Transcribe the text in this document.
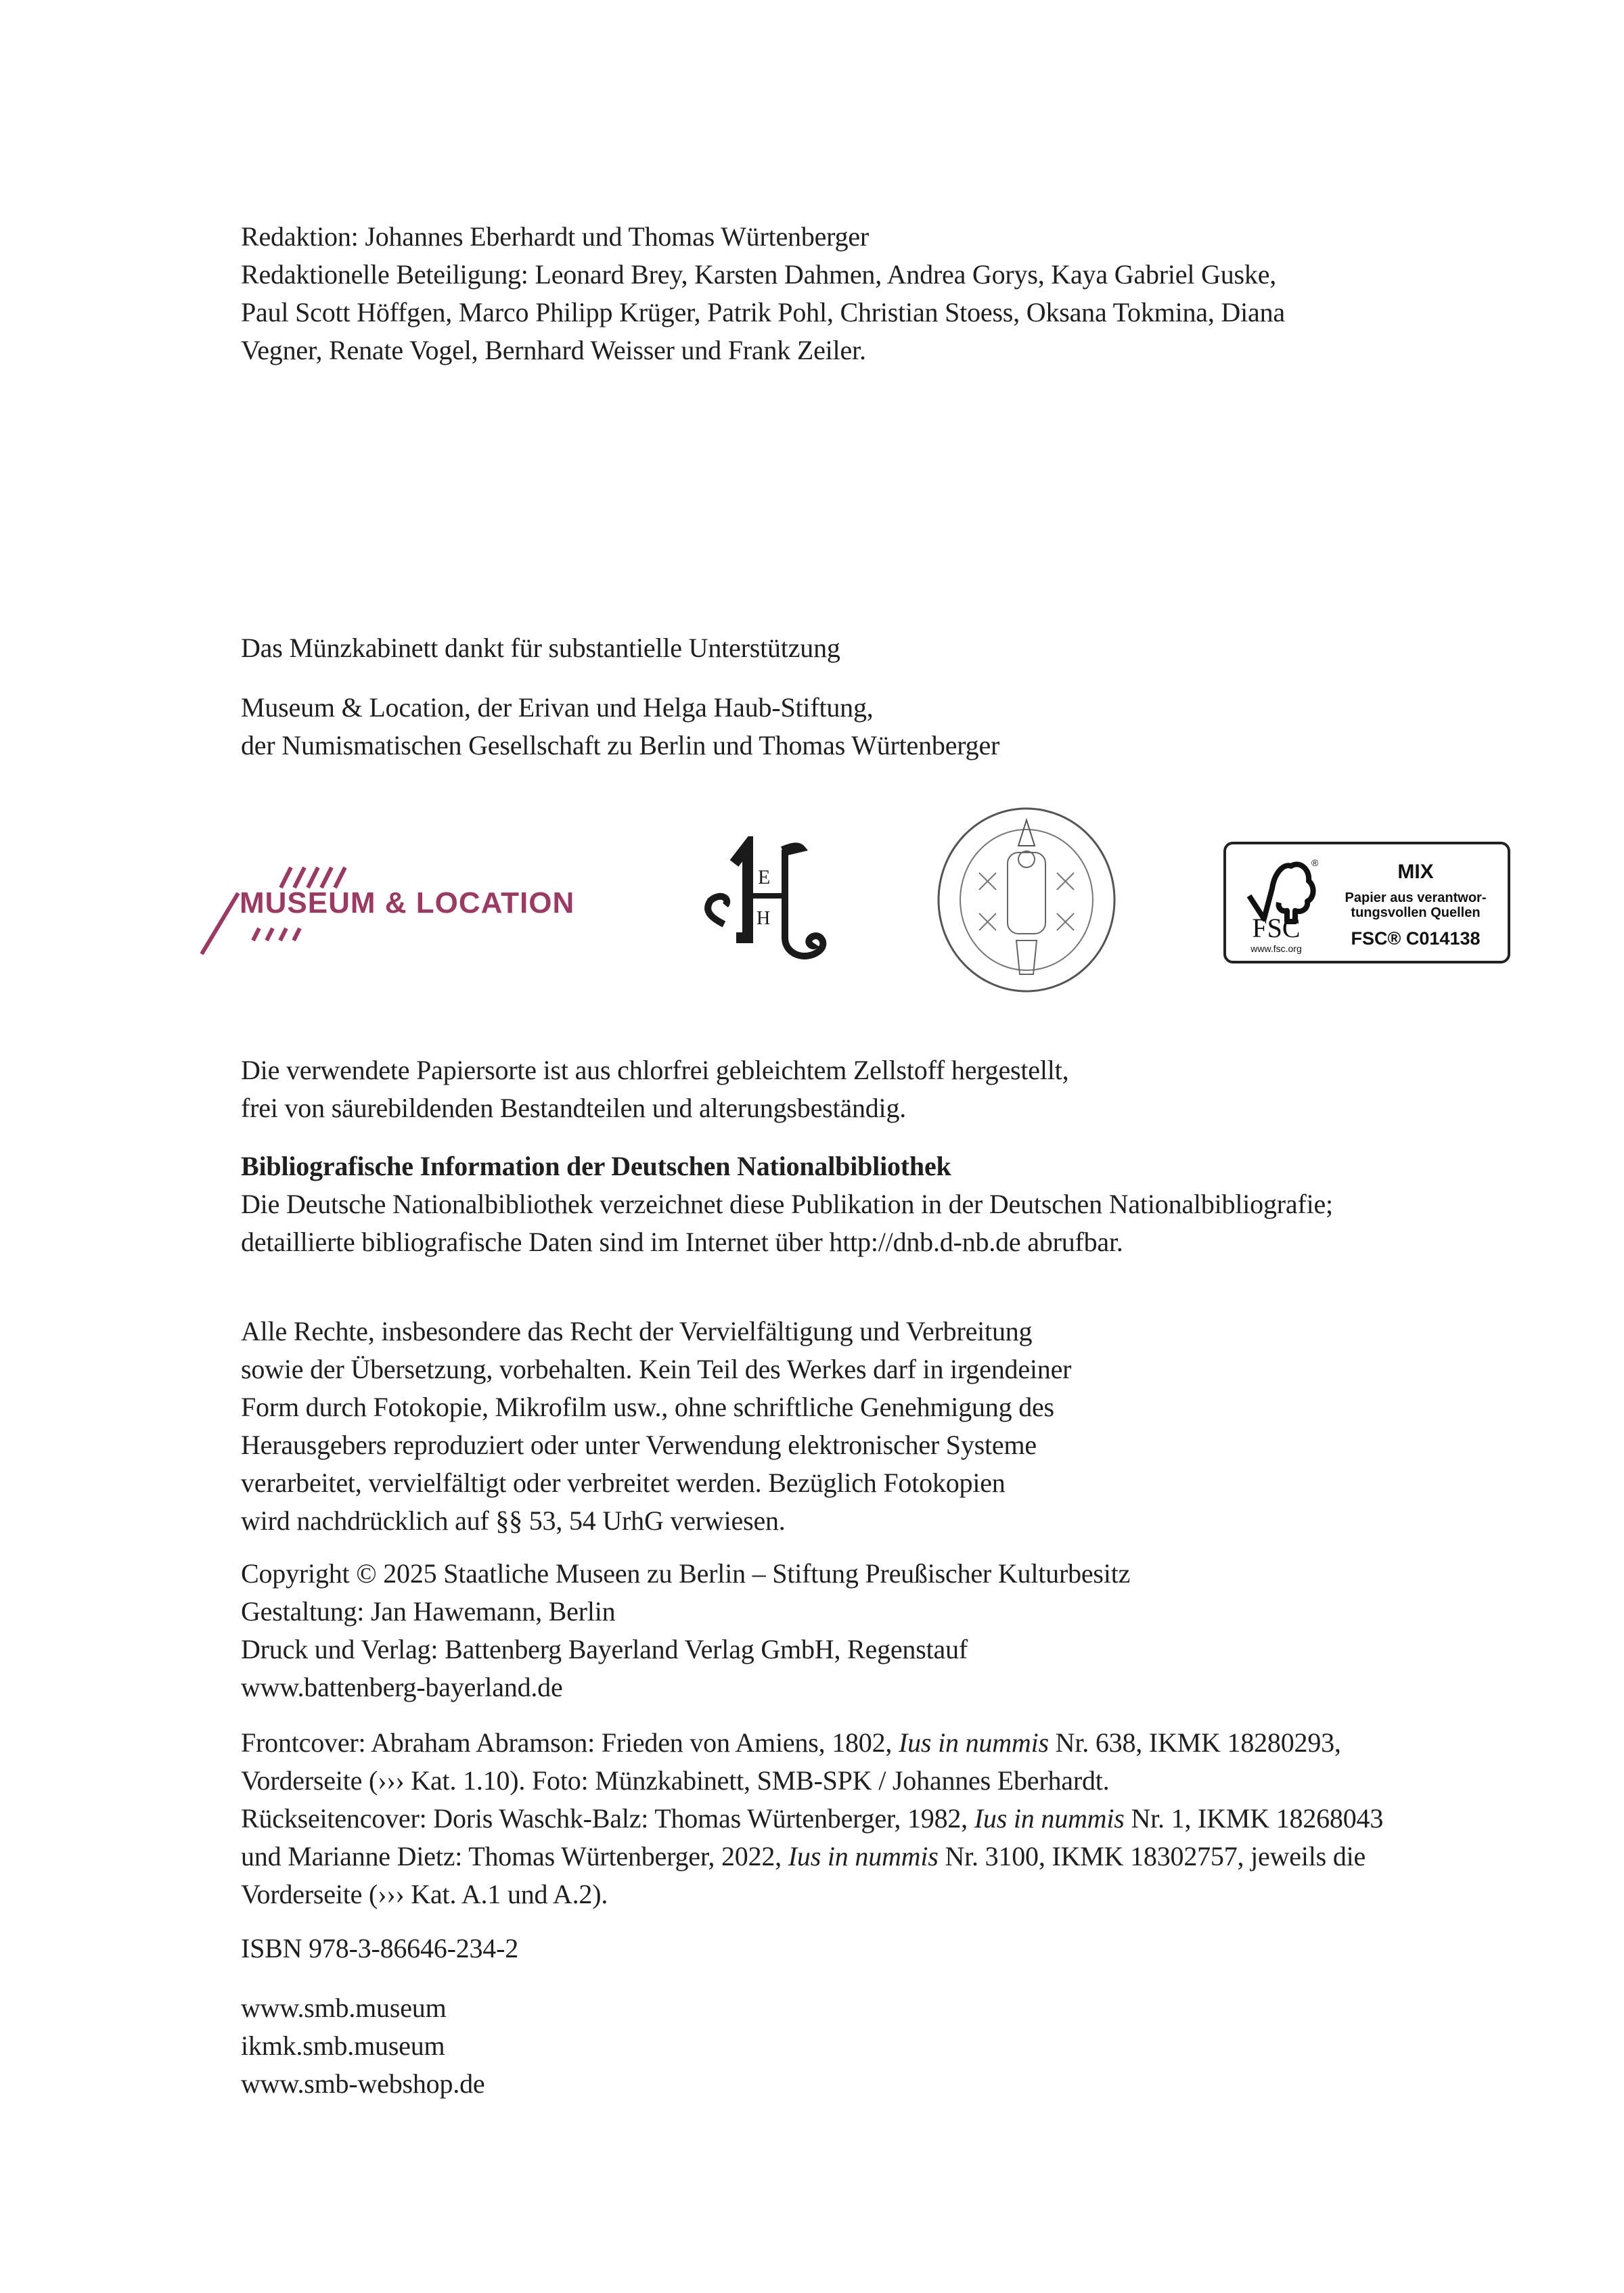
Redaktion: Johannes Eberhardt und Thomas Würtenberger

Redaktionelle Beteiligung: Leonard Brey, Karsten Dahmen, Andrea Gorys, Kaya Gabriel Guske,

Paul Scott Höffgen, Marco Philipp Krüger, Patrik Pohl, Christian Stoess, Oksana Tokmina, Diana

Vegner, Renate Vogel, Bernhard Weisser und Frank Zeiler.

Das Münzkabinett dankt für substantielle Unterstützung

Museum & Location, der Erivan und Helga Haub-Stiftung,

der Numismatischen Gesellschaft zu Berlin und Thomas Würtenberger

MUSEUM & LOCATION
E
H
®
FSC
www.fsc.org
MIX
Papier aus verantwor-
tungsvollen Quellen
FSC® C014138

Die verwendete Papiersorte ist aus chlorfrei gebleichtem Zellstoff hergestellt,

frei von säurebildenden Bestandteilen und alterungsbeständig.

Bibliografische Information der Deutschen Nationalbibliothek

Die Deutsche Nationalbibliothek verzeichnet diese Publikation in der Deutschen Nationalbibliografie;

detaillierte bibliografische Daten sind im Internet über http://dnb.d-nb.de abrufbar.

Alle Rechte, insbesondere das Recht der Vervielfältigung und Verbreitung

sowie der Übersetzung, vorbehalten. Kein Teil des Werkes darf in irgendeiner

Form durch Fotokopie, Mikrofilm usw., ohne schriftliche Genehmigung des

Herausgebers reproduziert oder unter Verwendung elektronischer Systeme

verarbeitet, vervielfältigt oder verbreitet werden. Bezüglich Fotokopien

wird nachdrücklich auf §§ 53, 54 UrhG verwiesen.

Copyright © 2025 Staatliche Museen zu Berlin – Stiftung Preußischer Kulturbesitz

Gestaltung: Jan Hawemann, Berlin

Druck und Verlag: Battenberg Bayerland Verlag GmbH, Regenstauf

www.battenberg-bayerland.de

Frontcover: Abraham Abramson: Frieden von Amiens, 1802, Ius in nummis Nr. 638, IKMK 18280293,

Vorderseite (››› Kat. 1.10). Foto: Münzkabinett, SMB-SPK / Johannes Eberhardt.

Rückseitencover: Doris Waschk-Balz: Thomas Würtenberger, 1982, Ius in nummis Nr. 1, IKMK 18268043

und Marianne Dietz: Thomas Würtenberger, 2022, Ius in nummis Nr. 3100, IKMK 18302757, jeweils die

Vorderseite (››› Kat. A.1 und A.2).

ISBN 978-3-86646-234-2

www.smb.museum

ikmk.smb.museum

www.smb-webshop.de
